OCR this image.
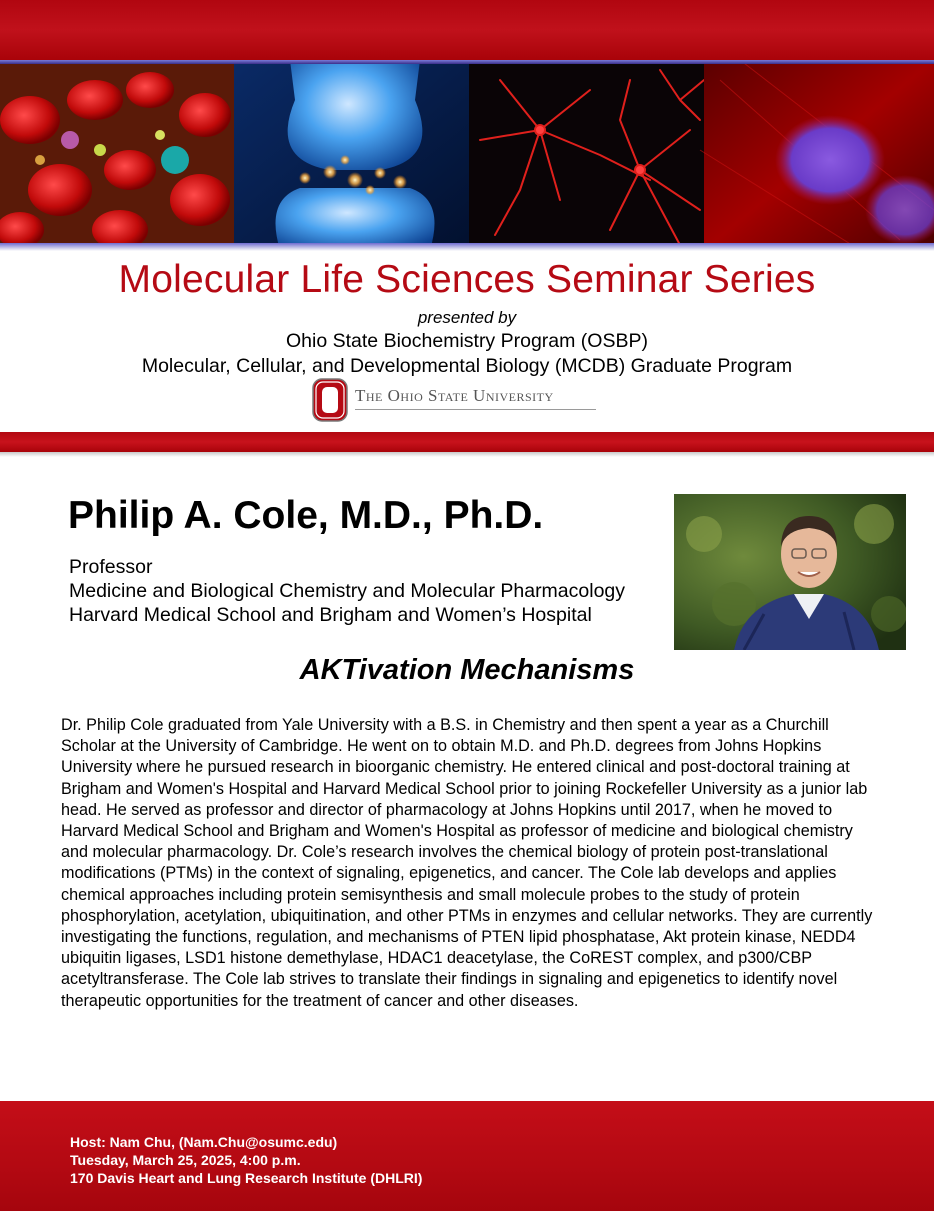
Molecular Life Sciences Seminar Series
presented by
Ohio State Biochemistry Program (OSBP)
Molecular, Cellular, and Developmental Biology (MCDB) Graduate Program
The Ohio State University
Philip A. Cole, M.D., Ph.D.
Professor
Medicine and Biological Chemistry and Molecular Pharmacology
Harvard Medical School and Brigham and Women’s Hospital
AKTivation Mechanisms
Dr. Philip Cole graduated from Yale University with a B.S. in Chemistry and then spent a year as a Churchill Scholar at the University of Cambridge. He went on to obtain M.D. and Ph.D. degrees from Johns Hopkins University where he pursued research in bioorganic chemistry. He entered clinical and post-doctoral training at Brigham and Women's Hospital and Harvard Medical School prior to joining Rockefeller University as a junior lab head. He served as professor and director of pharmacology at Johns Hopkins until 2017, when he moved to Harvard Medical School and Brigham and Women's Hospital as professor of medicine and biological chemistry and molecular pharmacology. Dr. Cole’s research involves the chemical biology of protein post-translational modifications (PTMs) in the context of signaling, epigenetics, and cancer. The Cole lab develops and applies chemical approaches including protein semisynthesis and small molecule probes to the study of protein phosphorylation, acetylation, ubiquitination, and other PTMs in enzymes and cellular networks. They are currently investigating the functions, regulation, and mechanisms of PTEN lipid phosphatase, Akt protein kinase, NEDD4 ubiquitin ligases, LSD1 histone demethylase, HDAC1 deacetylase, the CoREST complex, and p300/CBP acetyltransferase. The Cole lab strives to translate their findings in signaling and epigenetics to identify novel therapeutic opportunities for the treatment of cancer and other diseases.
Host: Nam Chu, (Nam.Chu@osumc.edu)
Tuesday, March 25, 2025, 4:00 p.m.
170 Davis Heart and Lung Research Institute (DHLRI)
